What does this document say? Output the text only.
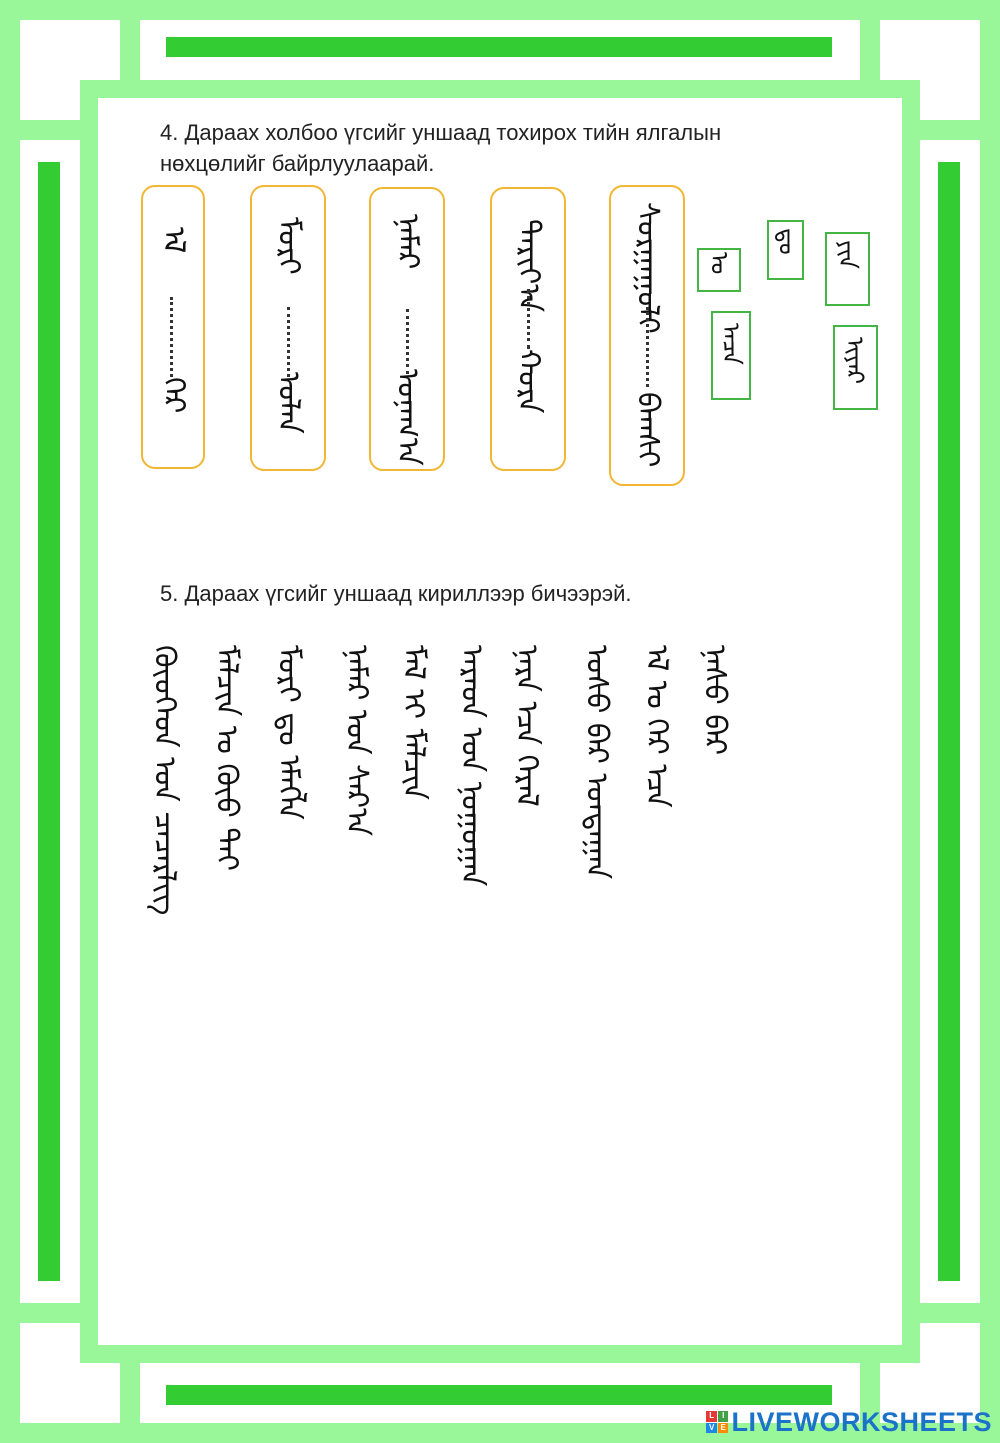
4. Дараах холбоо үгсийг уншаад тохирох тийн ялгалын
нөхцөлийг байрлуулаарай.
ᠡᠯ
ᠭᠡᠷ
ᠮᠣᠷᠢ
ᠣᠯᠠᠨ
ᠨᠠᠮᠠᠷ
ᠤᠨᠠᠭ᠎ᠠ
ᠲᠠᠷᠢᠶ᠎ᠠ
ᠬᠤᠷᠠ
ᠰᠤᠷᠭᠠᠭᠤᠯᠢ
ᠪᠠᠭᠰᠢ
ᠤ
ᠳᠤ ᠶᠢᠨ
ᠠᠴᠠ	ᠢᠶᠠᠷ
5. Дараах үгсийг уншаад кириллээр бичээрэй.
ᠬᠦᠦᠬᠡᠳ ᠤᠨ ᠴᠡᠴᠡᠷᠯᠢᠭ ᠮᠠᠯᠴᠢᠨ ᠤ ᠬᠦᠦ ᠲᠠᠢ ᠮᠣᠷᠢ ᠳᠤ ᠡᠮᠡᠭᠯᠡ ᠨᠠᠮᠠᠷ ᠤᠨ ᠰᠠᠷ᠎ᠠ ᠮᠠᠯ ᠢ ᠮᠠᠯᠴᠢᠨ ᠠᠷᠠᠳ ᠤᠨ ᠨᠣᠭᠤᠭᠠᠨ ᠨᠠᠷᠠ ᠡᠴᠡ ᠭᠡᠷᠡᠯ ᠤᠰᠤ ᠪᠠᠷ ᠤᠨᠳᠠᠭᠠᠨ ᠡᠯ ᠤ ᠭᠡᠷ ᠡᠴᠡ ᠨᠠᠰᠤ ᠪᠠᠷ
L I
V E LIVEWORKSHEETS
